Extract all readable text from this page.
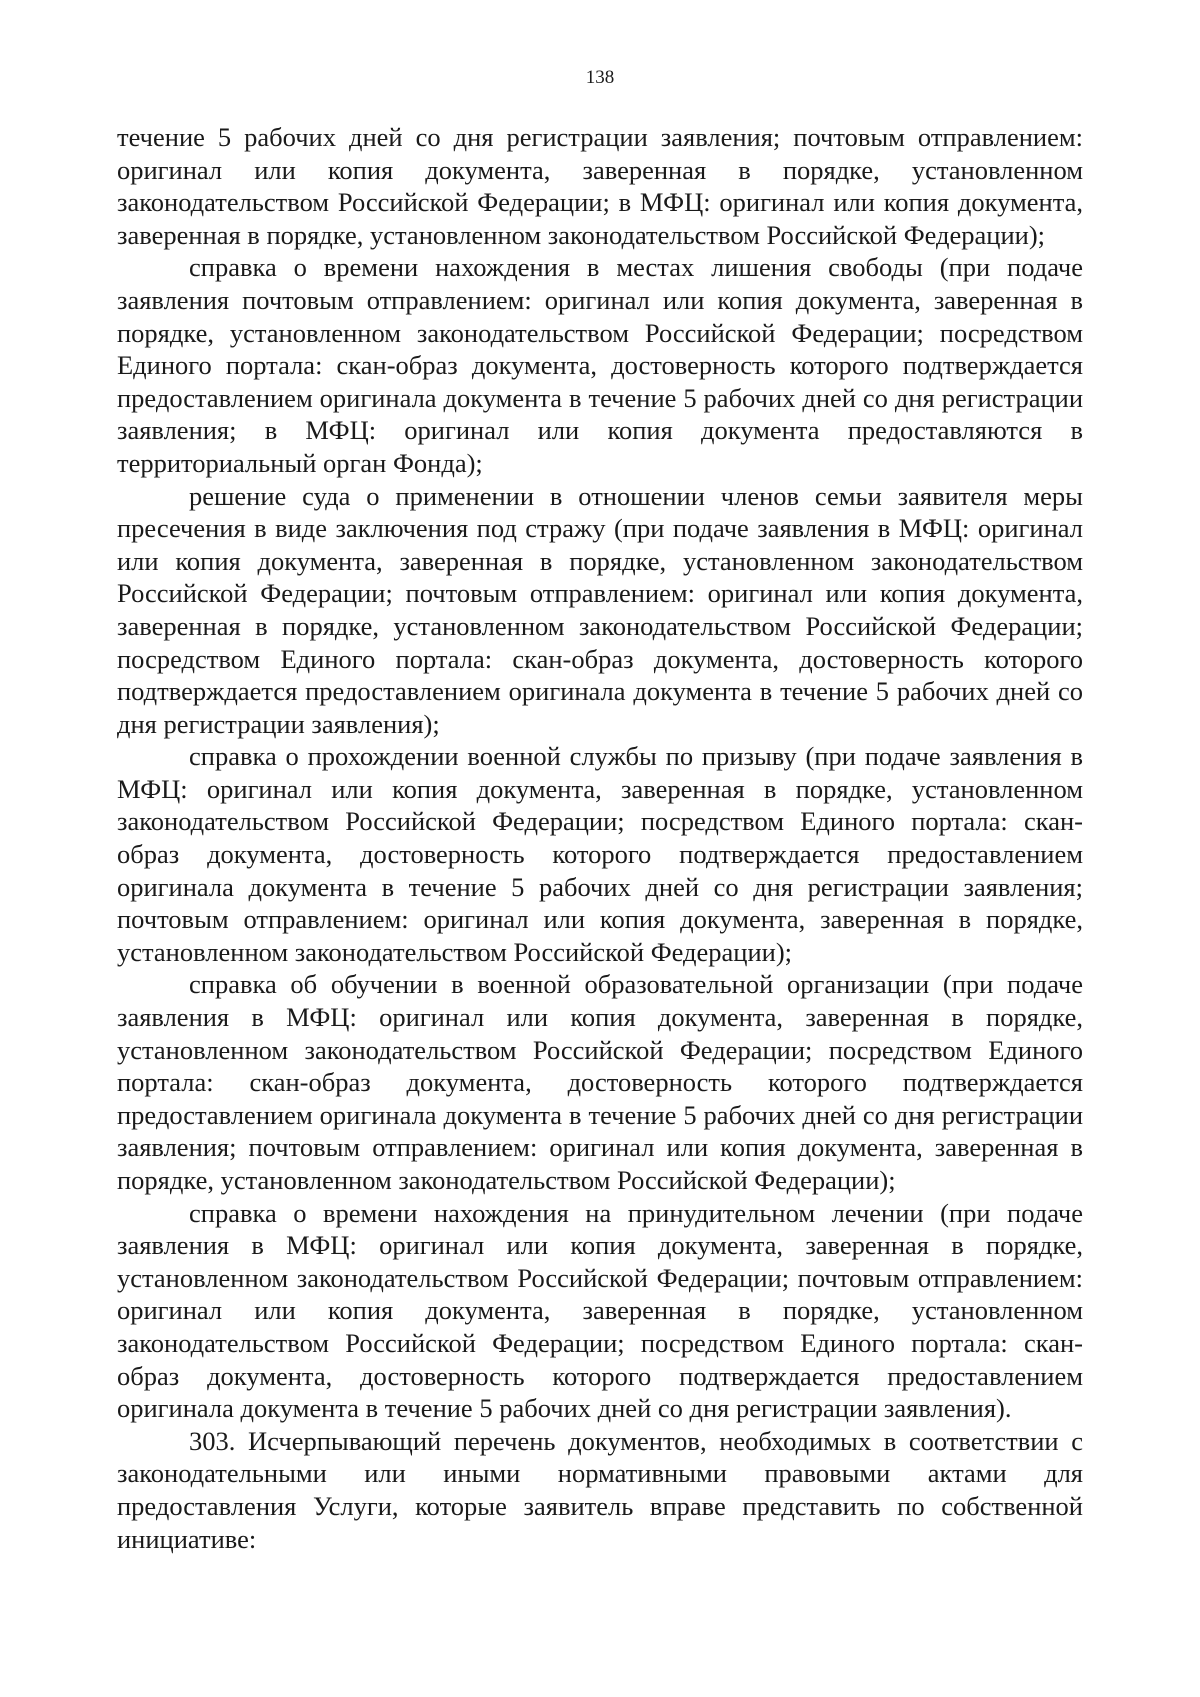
138

течение 5 рабочих дней со дня регистрации заявления; почтовым отправлением: оригинал или копия документа, заверенная в порядке, установленном законодательством Российской Федерации; в МФЦ: оригинал или копия документа, заверенная в порядке, установленном законодательством Российской Федерации);

справка о времени нахождения в местах лишения свободы (при подаче заявления почтовым отправлением: оригинал или копия документа, заверенная в порядке, установленном законодательством Российской Федерации; посредством Единого портала: скан-образ документа, достоверность которого подтверждается предоставлением оригинала документа в течение 5 рабочих дней со дня регистрации заявления; в МФЦ: оригинал или копия документа предоставляются в территориальный орган Фонда);

решение суда о применении в отношении членов семьи заявителя меры пресечения в виде заключения под стражу (при подаче заявления в МФЦ: оригинал или копия документа, заверенная в порядке, установленном законодательством Российской Федерации; почтовым отправлением: оригинал или копия документа, заверенная в порядке, установленном законодательством Российской Федерации; посредством Единого портала: скан-образ документа, достоверность которого подтверждается предоставлением оригинала документа в течение 5 рабочих дней со дня регистрации заявления);

справка о прохождении военной службы по призыву (при подаче заявления в МФЦ: оригинал или копия документа, заверенная в порядке, установленном законодательством Российской Федерации; посредством Единого портала: скан-образ документа, достоверность которого подтверждается предоставлением оригинала документа в течение 5 рабочих дней со дня регистрации заявления; почтовым отправлением: оригинал или копия документа, заверенная в порядке, установленном законодательством Российской Федерации);

справка об обучении в военной образовательной организации (при подаче заявления в МФЦ: оригинал или копия документа, заверенная в порядке, установленном законодательством Российской Федерации; посредством Единого портала: скан-образ документа, достоверность которого подтверждается предоставлением оригинала документа в течение 5 рабочих дней со дня регистрации заявления; почтовым отправлением: оригинал или копия документа, заверенная в порядке, установленном законодательством Российской Федерации);

справка о времени нахождения на принудительном лечении (при подаче заявления в МФЦ: оригинал или копия документа, заверенная в порядке, установленном законодательством Российской Федерации; почтовым отправлением: оригинал или копия документа, заверенная в порядке, установленном законодательством Российской Федерации; посредством Единого портала: скан-образ документа, достоверность которого подтверждается предоставлением оригинала документа в течение 5 рабочих дней со дня регистрации заявления).

303. Исчерпывающий перечень документов, необходимых в соответствии с законодательными или иными нормативными правовыми актами для предоставления Услуги, которые заявитель вправе представить по собственной инициативе:
